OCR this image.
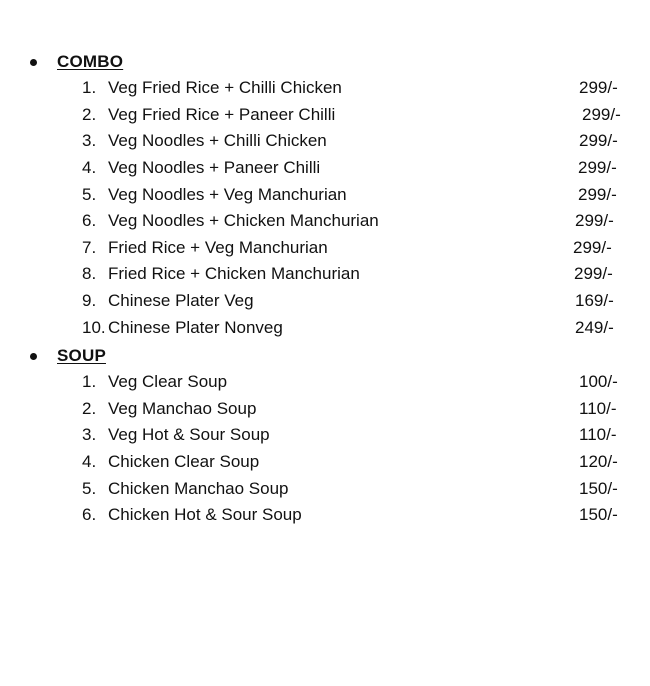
COMBO
1. Veg Fried Rice + Chilli Chicken	299/-
2. Veg Fried Rice + Paneer Chilli	299/-
3. Veg Noodles + Chilli Chicken	299/-
4. Veg Noodles + Paneer Chilli	299/-
5. Veg Noodles + Veg Manchurian	299/-
6. Veg Noodles + Chicken Manchurian	299/-
7. Fried Rice + Veg Manchurian	299/-
8. Fried Rice + Chicken Manchurian	299/-
9. Chinese Plater Veg	169/-
10. Chinese Plater Nonveg	249/-
SOUP
1. Veg Clear Soup	100/-
2. Veg Manchao Soup	110/-
3. Veg Hot & Sour Soup	110/-
4. Chicken Clear Soup	120/-
5. Chicken Manchao Soup	150/-
6. Chicken Hot & Sour Soup	150/-
